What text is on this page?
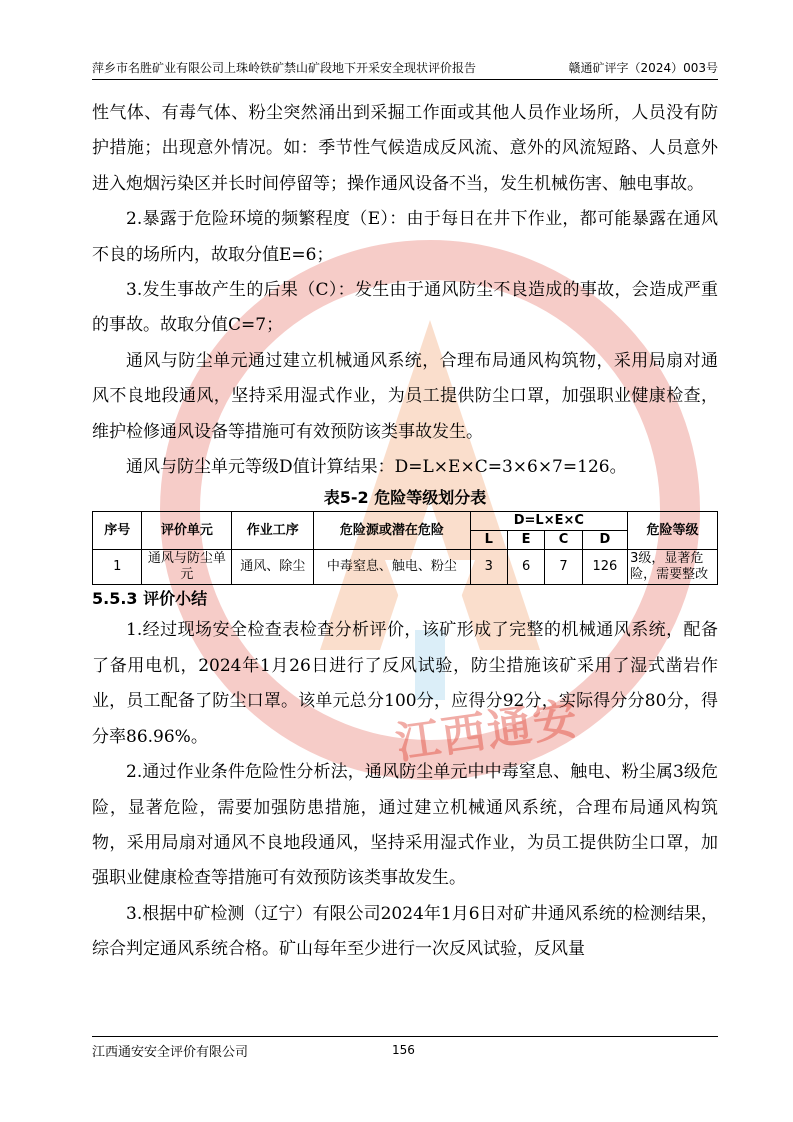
萍乡市名胜矿业有限公司上珠岭铁矿禁山矿段地下开采安全现状评价报告	赣通矿评字（2024）003号
江西通安

性气体、有毒气体、粉尘突然涌出到采掘工作面或其他人员作业场所，人员没有防护措施；出现意外情况。如：季节性气候造成反风流、意外的风流短路、人员意外进入炮烟污染区并长时间停留等；操作通风设备不当，发生机械伤害、触电事故。

2.暴露于危险环境的频繁程度（E）：由于每日在井下作业，都可能暴露在通风不良的场所内，故取分值E=6；

3.发生事故产生的后果（C）：发生由于通风防尘不良造成的事故，会造成严重的事故。故取分值C=7；

通风与防尘单元通过建立机械通风系统，合理布局通风构筑物，采用局扇对通风不良地段通风，坚持采用湿式作业，为员工提供防尘口罩，加强职业健康检查，维护检修通风设备等措施可有效预防该类事故发生。

通风与防尘单元等级D值计算结果：D=L×E×C=3×6×7=126。

表5-2 危险等级划分表
序号	评价单元	作业工序	危险源或潜在危险	D=L×E×C				危险等级
				L	E	C	D	
1	通风与防尘单元	通风、除尘	中毒窒息、触电、粉尘	3	6	7	126	3级，显著危险，需要整改
5.5.3 评价小结

1.经过现场安全检查表检查分析评价，该矿形成了完整的机械通风系统，配备了备用电机，2024年1月26日进行了反风试验，防尘措施该矿采用了湿式凿岩作业，员工配备了防尘口罩。该单元总分100分，应得分92分，实际得分分80分，得分率86.96%。

2.通过作业条件危险性分析法，通风防尘单元中中毒窒息、触电、粉尘属3级危险，显著危险，需要加强防患措施，通过建立机械通风系统，合理布局通风构筑物，采用局扇对通风不良地段通风，坚持采用湿式作业，为员工提供防尘口罩，加强职业健康检查等措施可有效预防该类事故发生。

3.根据中矿检测（辽宁）有限公司2024年1月6日对矿井通风系统的检测结果，综合判定通风系统合格。矿山每年至少进行一次反风试验，反风量

江西通安安全评价有限公司	156
